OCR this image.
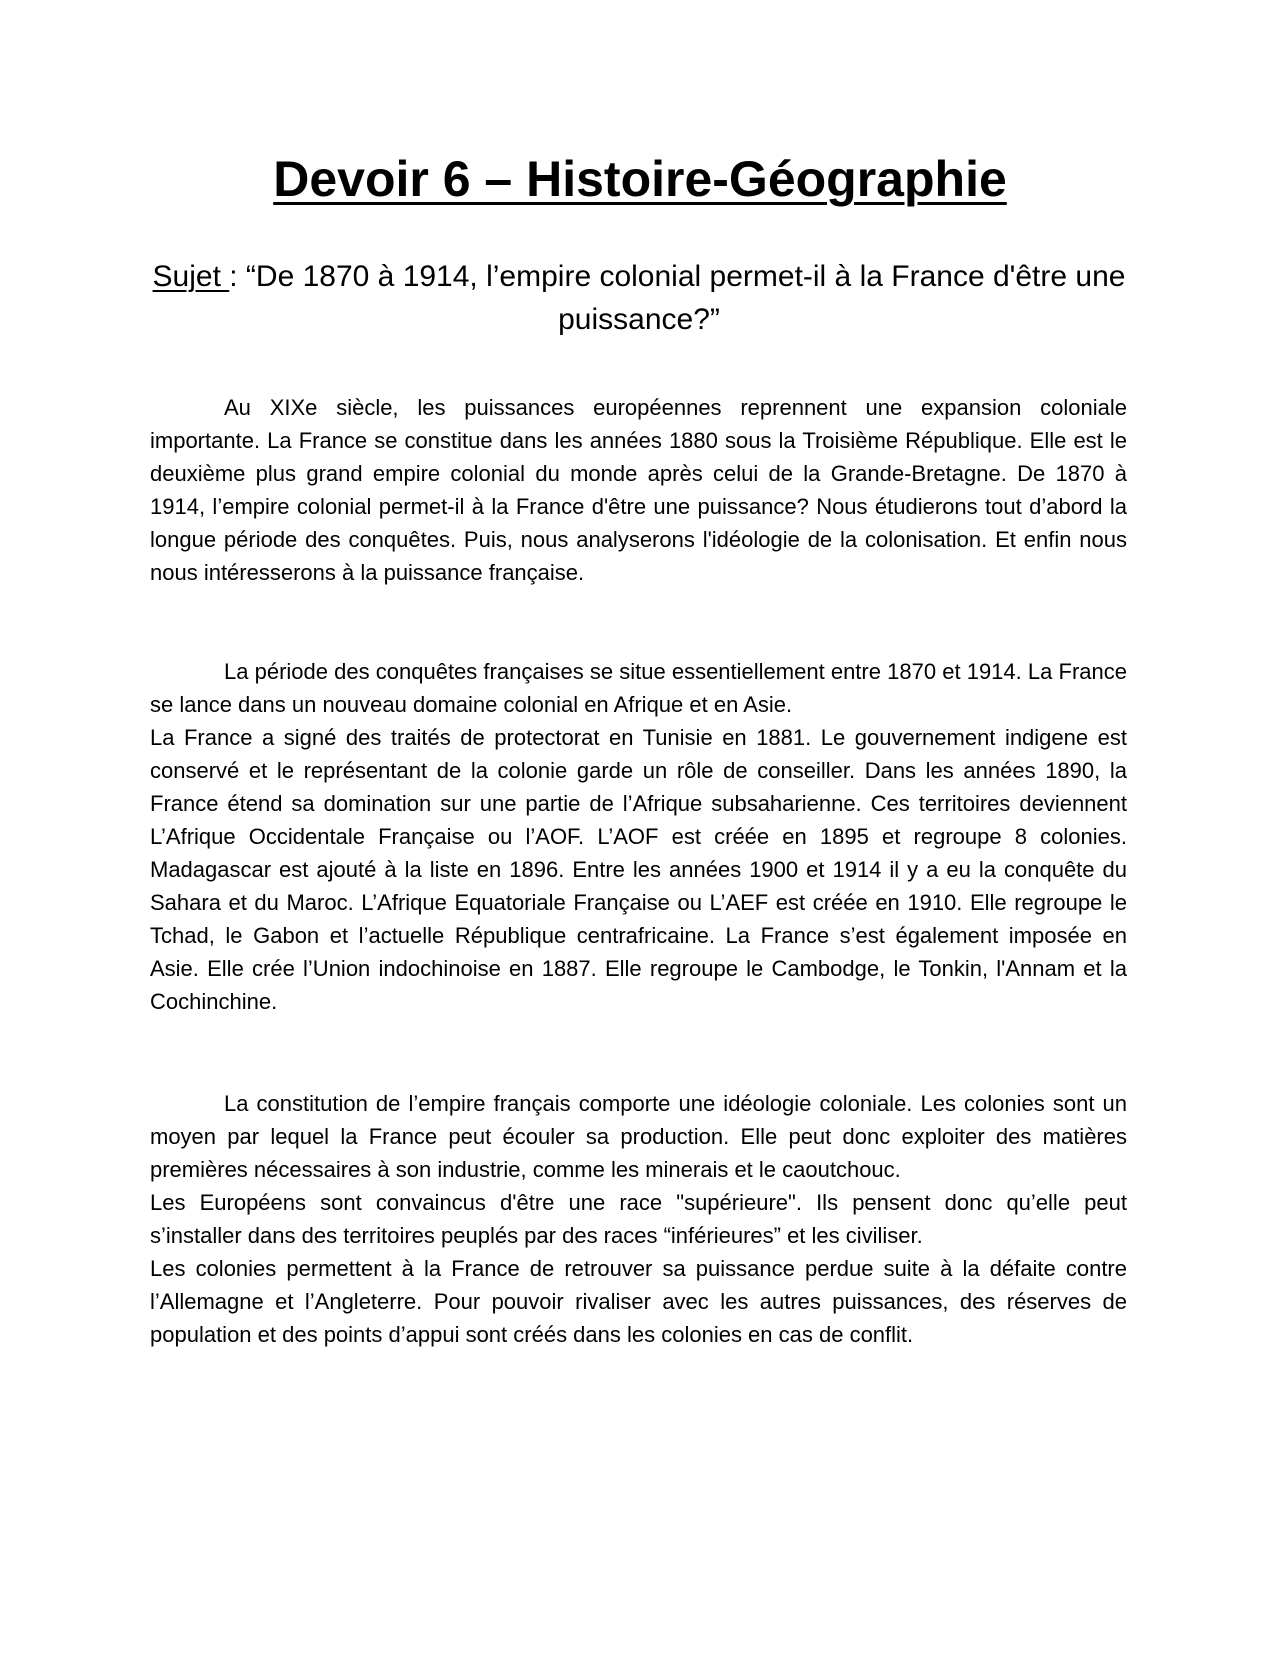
Devoir 6 – Histoire-Géographie

Sujet : “De 1870 à 1914, l’empire colonial permet-il à la France d'être une puissance?”

Au XIXe siècle, les puissances européennes reprennent une expansion coloniale importante. La France se constitue dans les années 1880 sous la Troisième République. Elle est le deuxième plus grand empire colonial du monde après celui de la Grande-Bretagne. De 1870 à 1914, l’empire colonial permet-il à la France d'être une puissance? Nous étudierons tout d’abord la longue période des conquêtes. Puis, nous analyserons l'idéologie de la colonisation. Et enfin nous nous intéresserons à la puissance française.
La période des conquêtes françaises se situe essentiellement entre 1870 et 1914. La France se lance dans un nouveau domaine colonial en Afrique et en Asie.
La France a signé des traités de protectorat en Tunisie en 1881. Le gouvernement indigene est conservé et le représentant de la colonie garde un rôle de conseiller. Dans les années 1890, la France étend sa domination sur une partie de l’Afrique subsaharienne. Ces territoires deviennent L’Afrique Occidentale Française ou l’AOF. L’AOF est créée en 1895 et regroupe 8 colonies. Madagascar est ajouté à la liste en 1896. Entre les années 1900 et 1914 il y a eu la conquête du Sahara et du Maroc. L’Afrique Equatoriale Française ou L’AEF est créée en 1910. Elle regroupe le Tchad, le Gabon et l’actuelle République centrafricaine. La France s’est également imposée en Asie. Elle crée l’Union indochinoise en 1887. Elle regroupe le Cambodge, le Tonkin, l'Annam et la Cochinchine.
La constitution de l’empire français comporte une idéologie coloniale. Les colonies sont un moyen par lequel la France peut écouler sa production. Elle peut donc exploiter des matières premières nécessaires à son industrie, comme les minerais et le caoutchouc.
Les Européens sont convaincus d'être une race "supérieure". Ils pensent donc qu’elle peut s’installer dans des territoires peuplés par des races “inférieures” et les civiliser.
Les colonies permettent à la France de retrouver sa puissance perdue suite à la défaite contre l’Allemagne et l’Angleterre. Pour pouvoir rivaliser avec les autres puissances, des réserves de population et des points d’appui sont créés dans les colonies en cas de conflit.
